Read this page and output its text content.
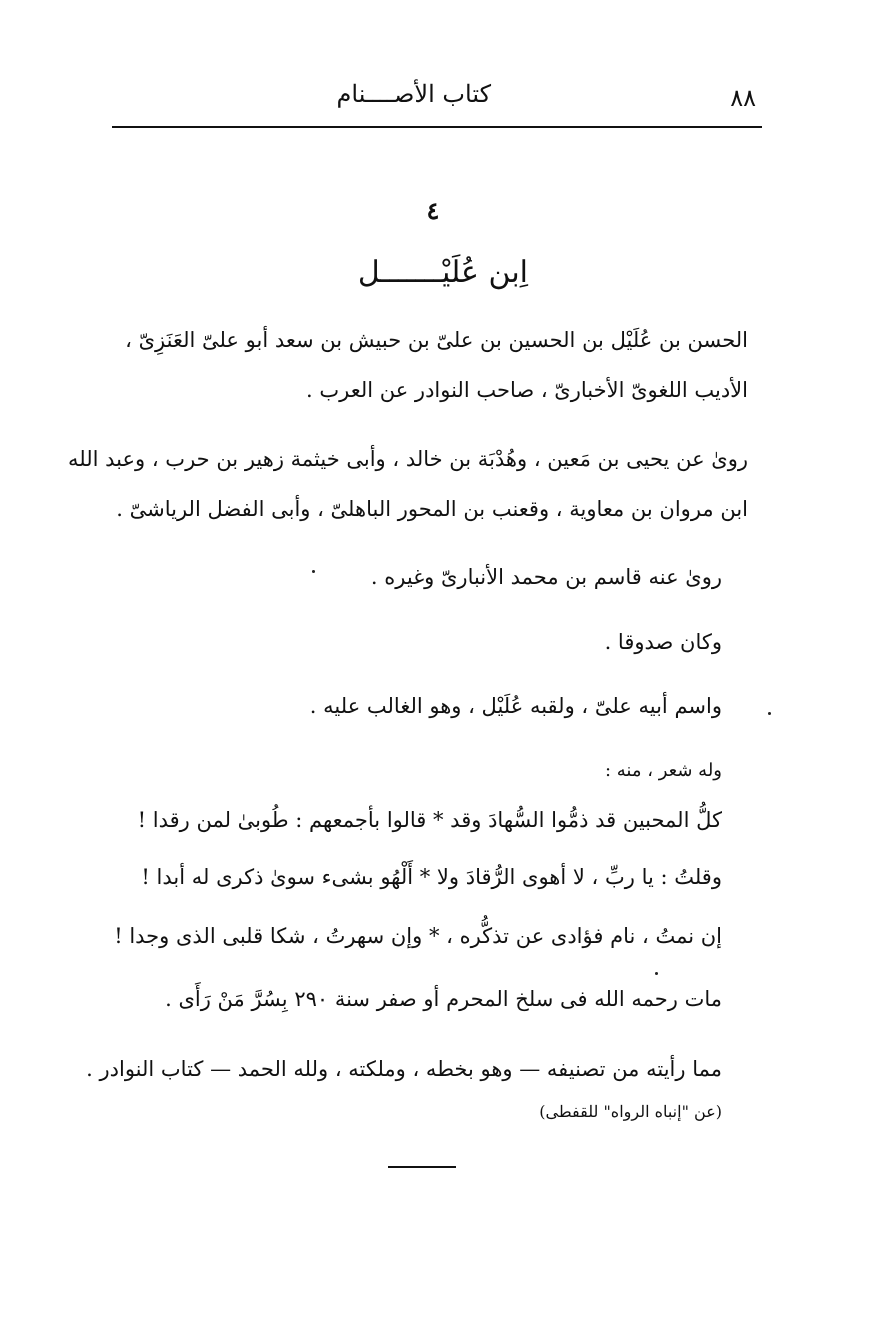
٨٨
كتاب الأصــــنام
٤
اِبن عُلَيْـــــــل
الحسن بن عُلَيْل بن الحسين بن علىّ بن حبيش بن سعد أبو علىّ العَنَزِىّ ،
الأديب اللغوىّ الأخبارىّ ، صاحب النوادر عن العرب .
روىٰ عن يحيى بن مَعين ، وهُدْبَة بن خالد ، وأبى خيثمة زهير بن حرب ، وعبد الله
ابن مروان بن معاوية ، وقعنب بن المحور الباهلىّ ، وأبى الفضل الرياشىّ .
روىٰ عنه قاسم بن محمد الأنبارىّ وغيره .
وكان صدوقا .
واسم أبيه علىّ ، ولقبه عُلَيْل ، وهو الغالب عليه .
وله شعر ، منه :
كلُّ المحبين قد ذمُّوا السُّهادَ وقد * قالوا بأجمعهم : طُوبىٰ لمن رقدا !
وقلتُ : يا ربِّ ، لا أهوى الرُّقادَ ولا * أَلْهُو بشىء سوىٰ ذكرى له أبدا !
إن نمتُ ، نام فؤادى عن تذكُّره ، * وإن سهرتُ ، شكا قلبى الذى وجدا !
مات رحمه الله فى سلخ المحرم أو صفر سنة ٢٩٠ بِسُرَّ مَنْ رَأَى .
مما رأيته من تصنيفه — وهو بخطه ، وملكته ، ولله الحمد — كتاب النوادر .
(عن "إنباه الرواه" للقفطى)
